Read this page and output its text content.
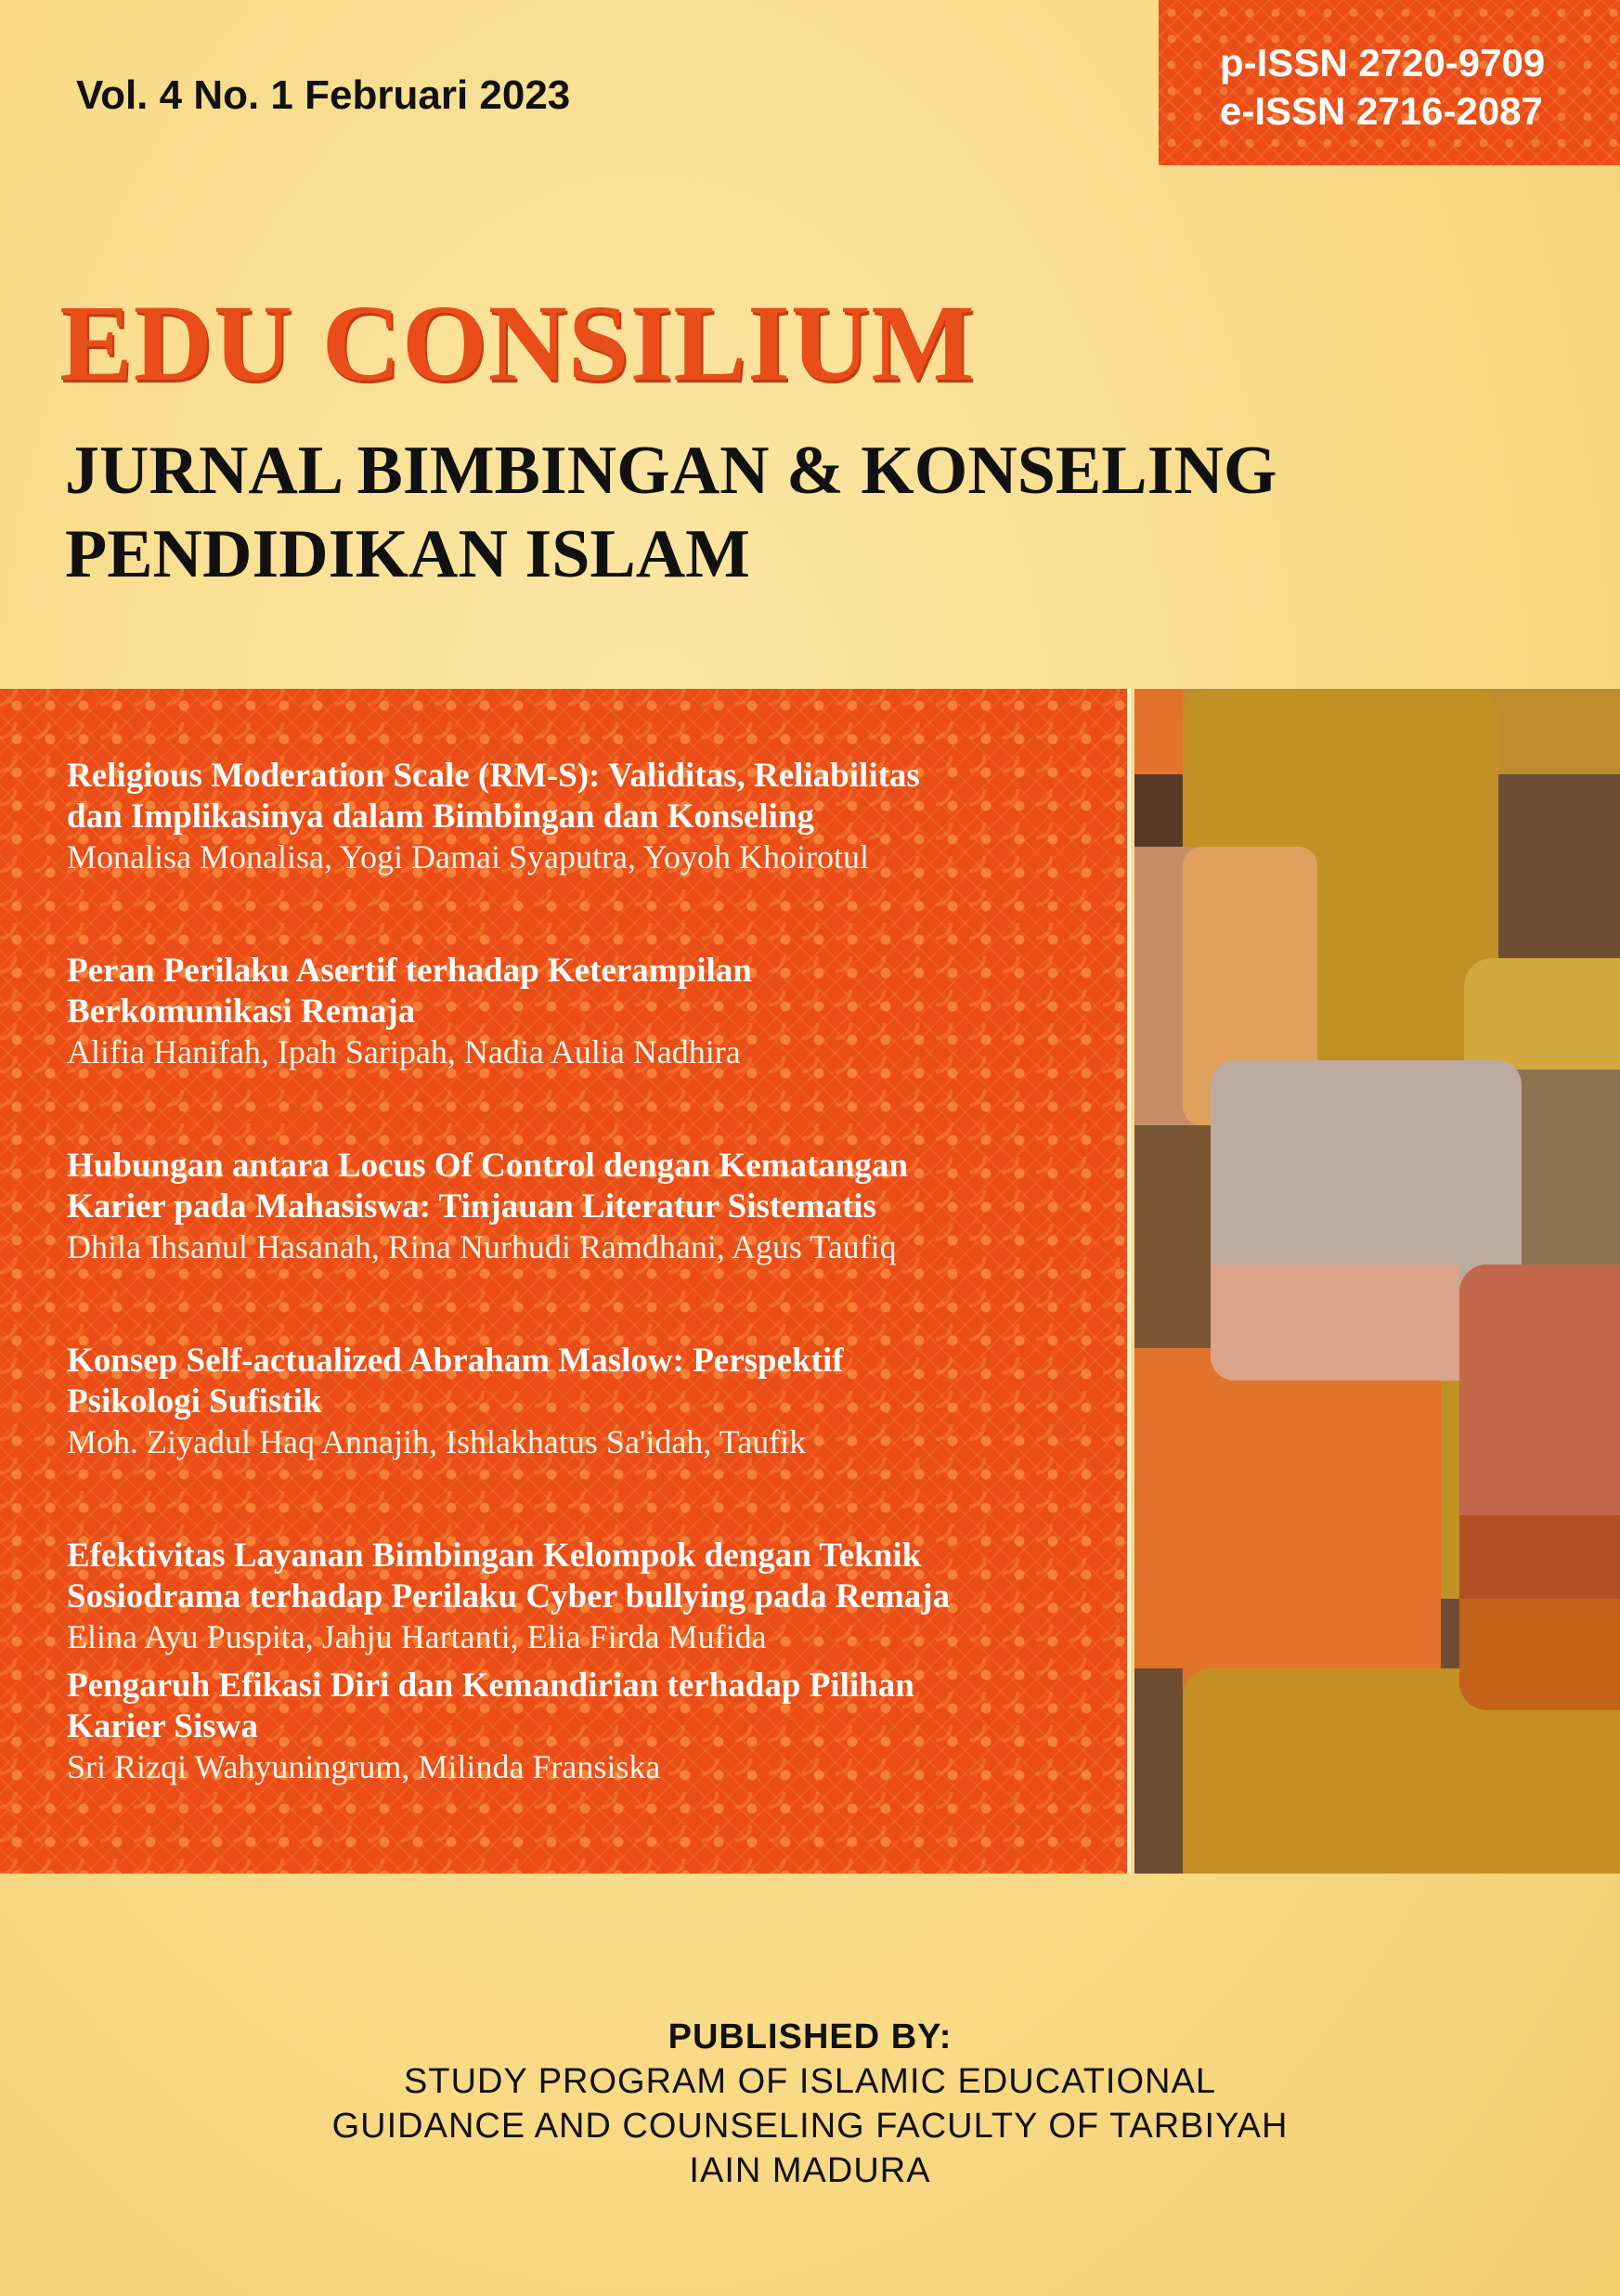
Vol. 4 No. 1 Februari 2023
p-ISSN 2720-9709
e-ISSN 2716-2087
EDU CONSILIUM
JURNAL BIMBINGAN & KONSELING
PENDIDIKAN ISLAM
Religious Moderation Scale (RM-S): Validitas, Reliabilitas
dan Implikasinya dalam Bimbingan dan Konseling
Monalisa Monalisa, Yogi Damai Syaputra, Yoyoh Khoirotul
Peran Perilaku Asertif terhadap Keterampilan
Berkomunikasi Remaja
Alifia Hanifah, Ipah Saripah, Nadia Aulia Nadhira
Hubungan antara Locus Of Control dengan Kematangan
Karier pada Mahasiswa: Tinjauan Literatur Sistematis
Dhila Ihsanul Hasanah, Rina Nurhudi Ramdhani, Agus Taufiq
Konsep Self-actualized Abraham Maslow: Perspektif
Psikologi Sufistik
Moh. Ziyadul Haq Annajih, Ishlakhatus Sa'idah, Taufik
Efektivitas Layanan Bimbingan Kelompok dengan Teknik
Sosiodrama terhadap Perilaku Cyber bullying pada Remaja
Elina Ayu Puspita, Jahju Hartanti, Elia Firda Mufida
Pengaruh Efikasi Diri dan Kemandirian terhadap Pilihan
Karier Siswa
Sri Rizqi Wahyuningrum, Milinda Fransiska
PUBLISHED BY:
STUDY PROGRAM OF ISLAMIC EDUCATIONAL
GUIDANCE AND COUNSELING FACULTY OF TARBIYAH
IAIN MADURA
